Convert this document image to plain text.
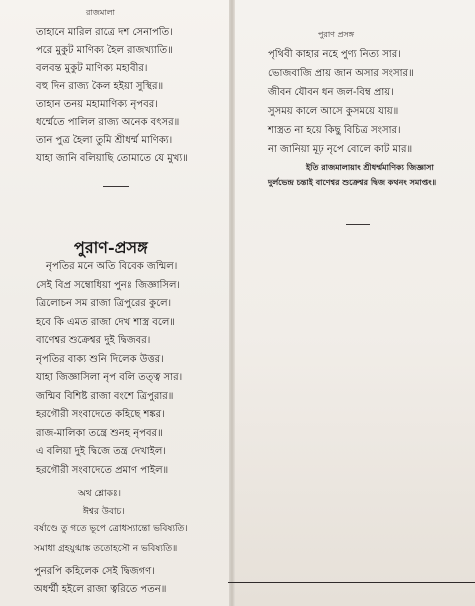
রাজমালা
তাহানে মারিল রাত্রে দশ সেনাপতি।
পরে মুকুট মাণিক্য হৈল রাজখ্যাতি॥
বলবন্ত মুকুট মাণিক্য মহাবীর।
বহু দিন রাজ্য কৈল হইয়া সুস্থির॥
তাহান তনয় মহামাণিক্য নৃপবর।
ধর্ম্মেতে পালিল রাজ্য অনেক বৎসর॥
তান পুত্র হৈলা তুমি শ্রীধর্ম্ম মাণিক্য।
যাহা জানি বলিয়াছি তোমাতে যে মুখ্য॥
পুরাণ-প্রসঙ্গ
নৃপতির মনে অতি বিবেক জন্মিল।
সেই বিপ্র সম্বোধিয়া পুনঃ জিজ্ঞাসিল।
ত্রিলোচন সম রাজা ত্রিপুরের কুলে।
হবে কি এমত রাজা দেখ শাস্ত্র বলে॥
বাণেশ্বর শুক্রেশ্বর দুই দ্বিজবর।
নৃপতির বাক্য শুনি দিলেক উত্তর।
যাহা জিজ্ঞাসিলা নৃপ বলি তত্ত্ব সার।
জন্মিব বিশিষ্ট রাজা বংশে ত্রিপুরার॥
হরগৌরী সংবাদেতে কহিছে শঙ্কর।
রাজ-মালিকা তন্ত্রে শুনহ নৃপবর॥
এ বলিয়া দুই দ্বিজে তন্ত্র দেখাইল।
হরগৌরী সংবাদেতে প্রমাণ পাইল॥
অথ শ্লোকঃ।
ঈশ্বর উবাচ।
বর্ষাণ্ডে তু গতে ভূপে ত্রোধস্যান্তো ভবিষ্যতি।
সমাধা গ্রহযুগ্মাঙ্ক ততোহসৌ ন ভবিষ্যতি॥
পুনরপি কহিলেক সেই দ্বিজগণ।
অধর্ম্মী হইলে রাজা ত্বরিতে পতন॥
পুরাণ প্রসঙ্গ
পৃথিবী কাহার নহে পুণ্য নিত্য সার।
ভোজবাজি প্রায় জান অসার সংসার॥
জীবন যৌবন ধন জল-বিম্ব প্রায়।
সুসময় কালে আসে কুসময়ে যায়॥
শাস্ত্রত না হয়ে কিছু বিচিত্র সংসার।
না জানিয়া মূঢ় নৃপে বোলে কাট মার॥
ইতি রাজমালায়াং শ্রীধর্ম্মমাণিক্য জিজ্ঞাসা
দুর্লভেন্দ্র চন্তাই বাণেশ্বর শুক্রেশ্বর দ্বিজ কথনং সমাপ্তং॥
